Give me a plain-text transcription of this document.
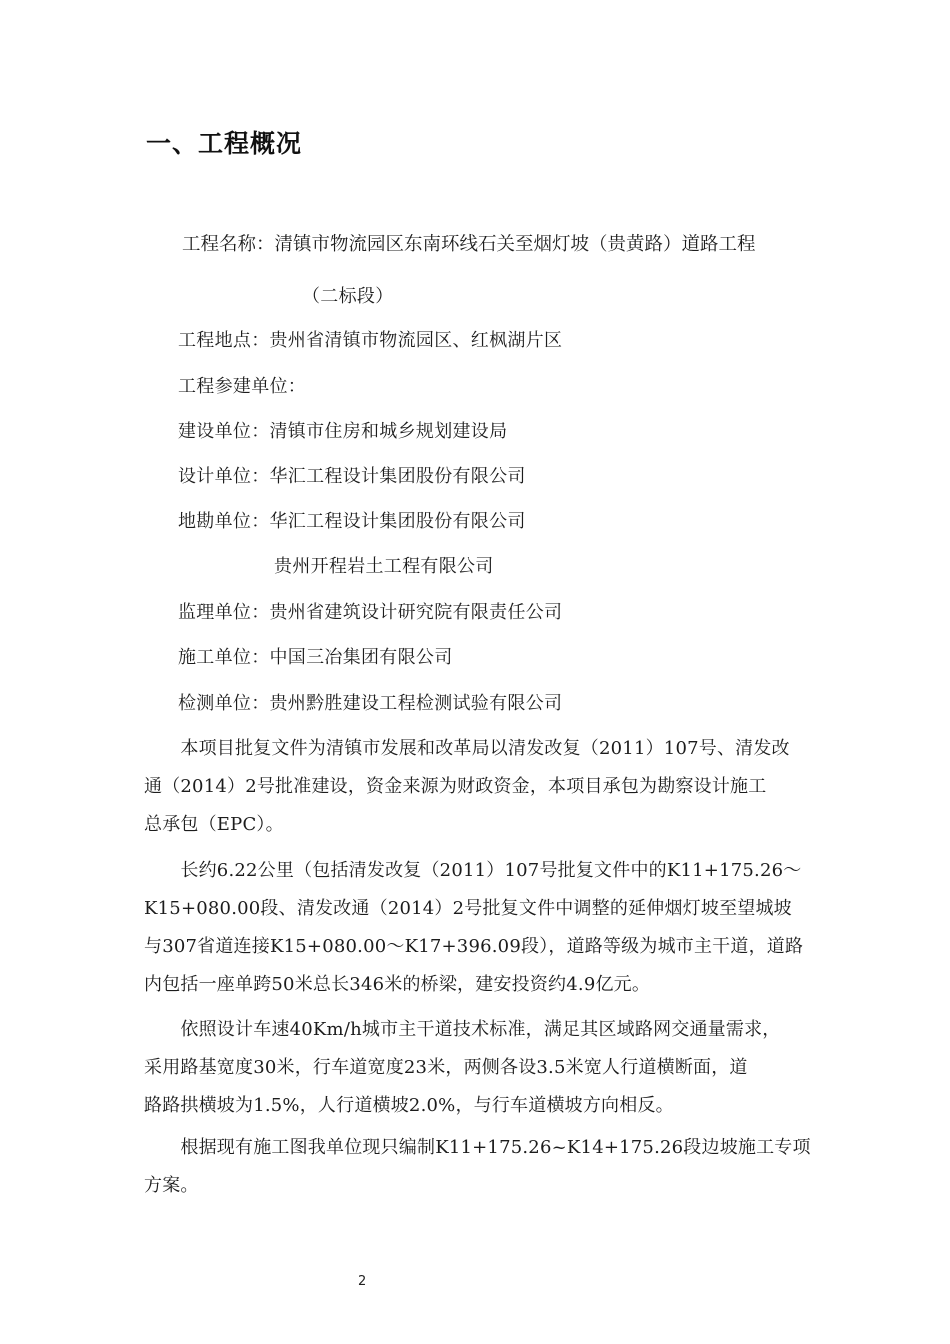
一、工程概况
工程名称：清镇市物流园区东南环线石关至烟灯坡（贵黄路）道路工程
（二标段）
工程地点：贵州省清镇市物流园区、红枫湖片区
工程参建单位：
建设单位：清镇市住房和城乡规划建设局
设计单位：华汇工程设计集团股份有限公司
地勘单位：华汇工程设计集团股份有限公司
贵州开程岩土工程有限公司
监理单位：贵州省建筑设计研究院有限责任公司
施工单位：中国三冶集团有限公司
检测单位：贵州黔胜建设工程检测试验有限公司
　　本项目批复文件为清镇市发展和改革局以清发改复（2011）107号、清发改
通（2014）2号批准建设，资金来源为财政资金，本项目承包为勘察设计施工
总承包（EPC）。
　　长约6.22公里（包括清发改复（2011）107号批复文件中的K11+175.26～
K15+080.00段、清发改通（2014）2号批复文件中调整的延伸烟灯坡至望城坡
与307省道连接K15+080.00～K17+396.09段），道路等级为城市主干道，道路
内包括一座单跨50米总长346米的桥梁，建安投资约4.9亿元。
　　依照设计车速40Km/h城市主干道技术标准，满足其区域路网交通量需求，
采用路基宽度30米，行车道宽度23米，两侧各设3.5米宽人行道横断面，道
路路拱横坡为1.5%，人行道横坡2.0%，与行车道横坡方向相反。
　　根据现有施工图我单位现只编制K11+175.26~K14+175.26段边坡施工专项
方案。
2
